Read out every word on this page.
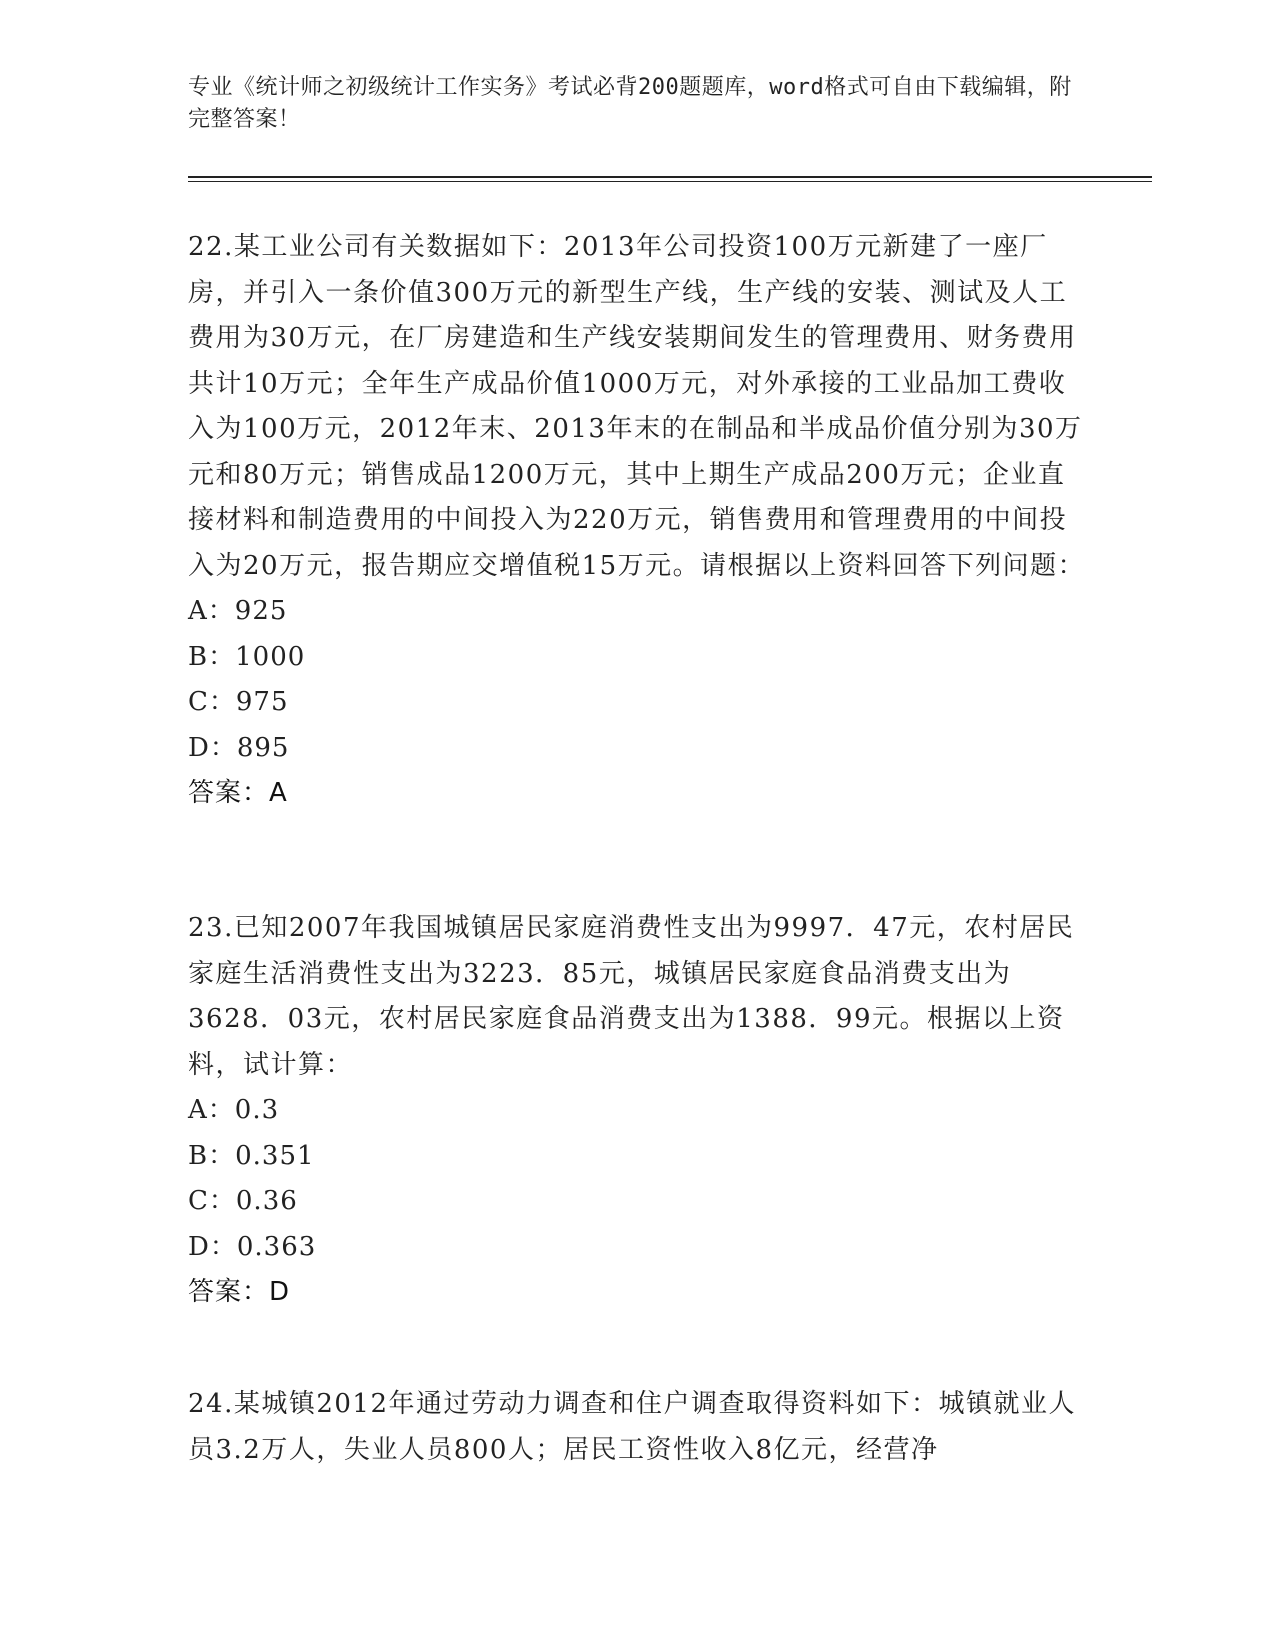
专业《统计师之初级统计工作实务》考试必背200题题库，word格式可自由下载编辑，附完整答案！
22.某工业公司有关数据如下：2013年公司投资100万元新建了一座厂房，并引入一条价值300万元的新型生产线，生产线的安装、测试及人工费用为30万元，在厂房建造和生产线安装期间发生的管理费用、财务费用共计10万元；全年生产成品价值1000万元，对外承接的工业品加工费收入为100万元，2012年末、2013年末的在制品和半成品价值分别为30万元和80万元；销售成品1200万元，其中上期生产成品200万元；企业直接材料和制造费用的中间投入为220万元，销售费用和管理费用的中间投入为20万元，报告期应交增值税15万元。请根据以上资料回答下列问题：
A：925
B：1000
C：975
D：895
答案：A
23.已知2007年我国城镇居民家庭消费性支出为9997．47元，农村居民家庭生活消费性支出为3223．85元，城镇居民家庭食品消费支出为3628．03元，农村居民家庭食品消费支出为1388．99元。根据以上资料，试计算：
A：0.3
B：0.351
C：0.36
D：0.363
答案：D
24.某城镇2012年通过劳动力调查和住户调查取得资料如下：城镇就业人员3.2万人，失业人员800人；居民工资性收入8亿元，经营净
